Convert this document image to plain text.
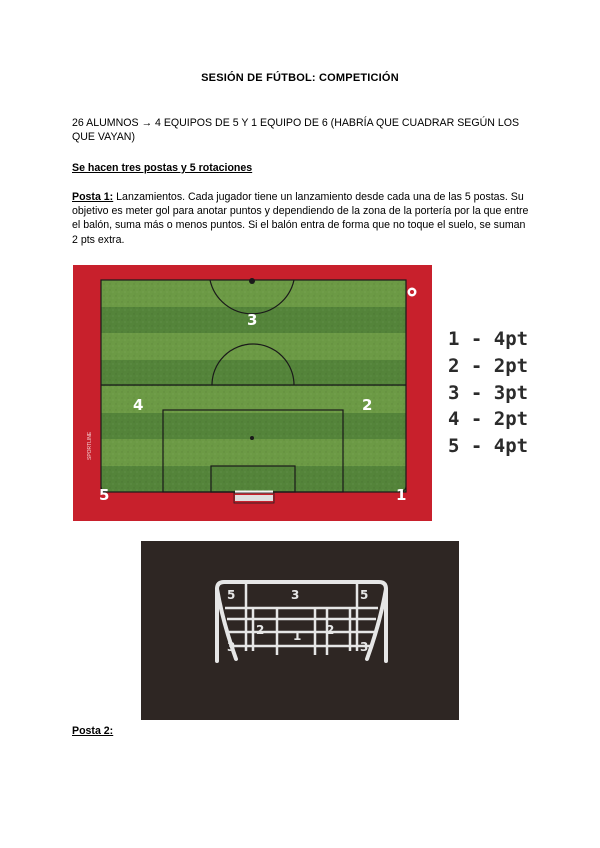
SESIÓN DE FÚTBOL: COMPETICIÓN
26 ALUMNOS → 4 EQUIPOS DE 5 Y 1 EQUIPO DE 6 (HABRÍA QUE CUADRAR SEGÚN LOS QUE VAYAN)
Se hacen tres postas y 5 rotaciones
Posta 1: Lanzamientos. Cada jugador tiene un lanzamiento desde cada una de las 5 postas. Su objetivo es meter gol para anotar puntos y dependiendo de la zona de la portería por la que entre el balón, suma más o menos puntos. Si el balón entra de forma que no toque el suelo, se suman 2 pts extra.
SPORTLINE
3
4	2
5	1
1 - 4pt
2 - 2pt
3 - 3pt
4 - 2pt
5 - 4pt
5	3	5
2 1 2
3	3
Posta 2:
